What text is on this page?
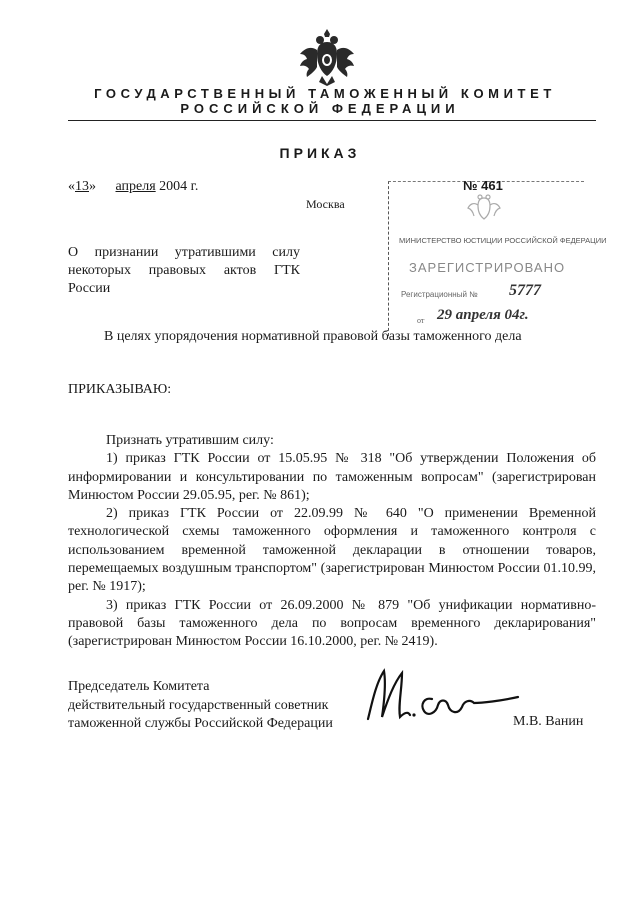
ГОСУДАРСТВЕННЫЙ ТАМОЖЕННЫЙ КОМИТЕТ
РОССИЙСКОЙ ФЕДЕРАЦИИ
ПРИКАЗ
«13» апреля 2004 г.
Москва
№ 461
МИНИСТЕРСТВО ЮСТИЦИИ РОССИЙСКОЙ ФЕДЕРАЦИИ
ЗАРЕГИСТРИРОВАНО
Регистрационный № 5777
от 29 апреля 04г.
О признании утратившими силу некоторых правовых актов ГТК России
В целях упорядочения нормативной правовой базы таможенного дела
ПРИКАЗЫВАЮ:

Признать утратившим силу:

1) приказ ГТК России от 15.05.95 № 318 "Об утверждении Положения об информировании и консультировании по таможенным вопросам" (зарегистрирован Минюстом России 29.05.95, рег. № 861);

2) приказ ГТК России от 22.09.99 № 640 "О применении Временной технологической схемы таможенного оформления и таможенного контроля с использованием временной таможенной декларации в отношении товаров, перемещаемых воздушным транспортом" (зарегистрирован Минюстом России 01.10.99, рег. № 1917);

3) приказ ГТК России от 26.09.2000 № 879 "Об унификации нормативно-правовой базы таможенного дела по вопросам временного декларирования" (зарегистрирован Минюстом России 16.10.2000, рег. № 2419).

Председатель Комитета
действительный государственный советник
таможенной службы Российской Федерации	М.В. Ванин
